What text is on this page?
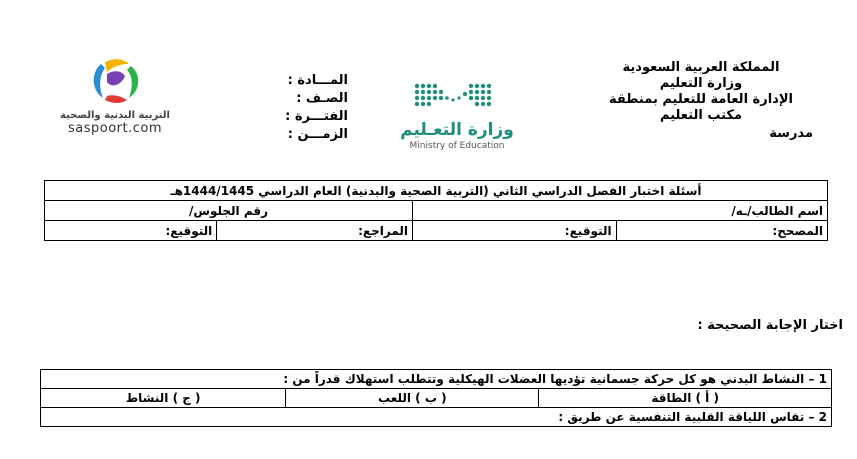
المملكة العربية السعودية
وزارة التعليم
الإدارة العامة للتعليم بمنطقة
مكتب التعليم
مدرسة
المـــادة :
الصـف :
الفتـــرة :
الزمـــن :	وزارة التعـليم
Ministry of Education
التربية البدنية والصحية
saspoort.com
أسئلة اختبار الفصل الدراسي الثاني (التربية الصحية والبدنية) العام الدراسي 1444/1445هـ			
اسم الطالب/ـه/		رقم الجلوس/	
المصحح:	التوقيع:	المراجع:	التوقيع:
اختار الإجابة الصحيحة :
1 – النشاط البدني هو كل حركة جسمانية تؤديها العضلات الهيكلية وتتطلب استهلاك قدراً من :
( أ ) الطاقة	( ب ) اللعب	( ج ) النشاط
2 – تقاس اللياقة القلبية التنفسية عن طريق :
